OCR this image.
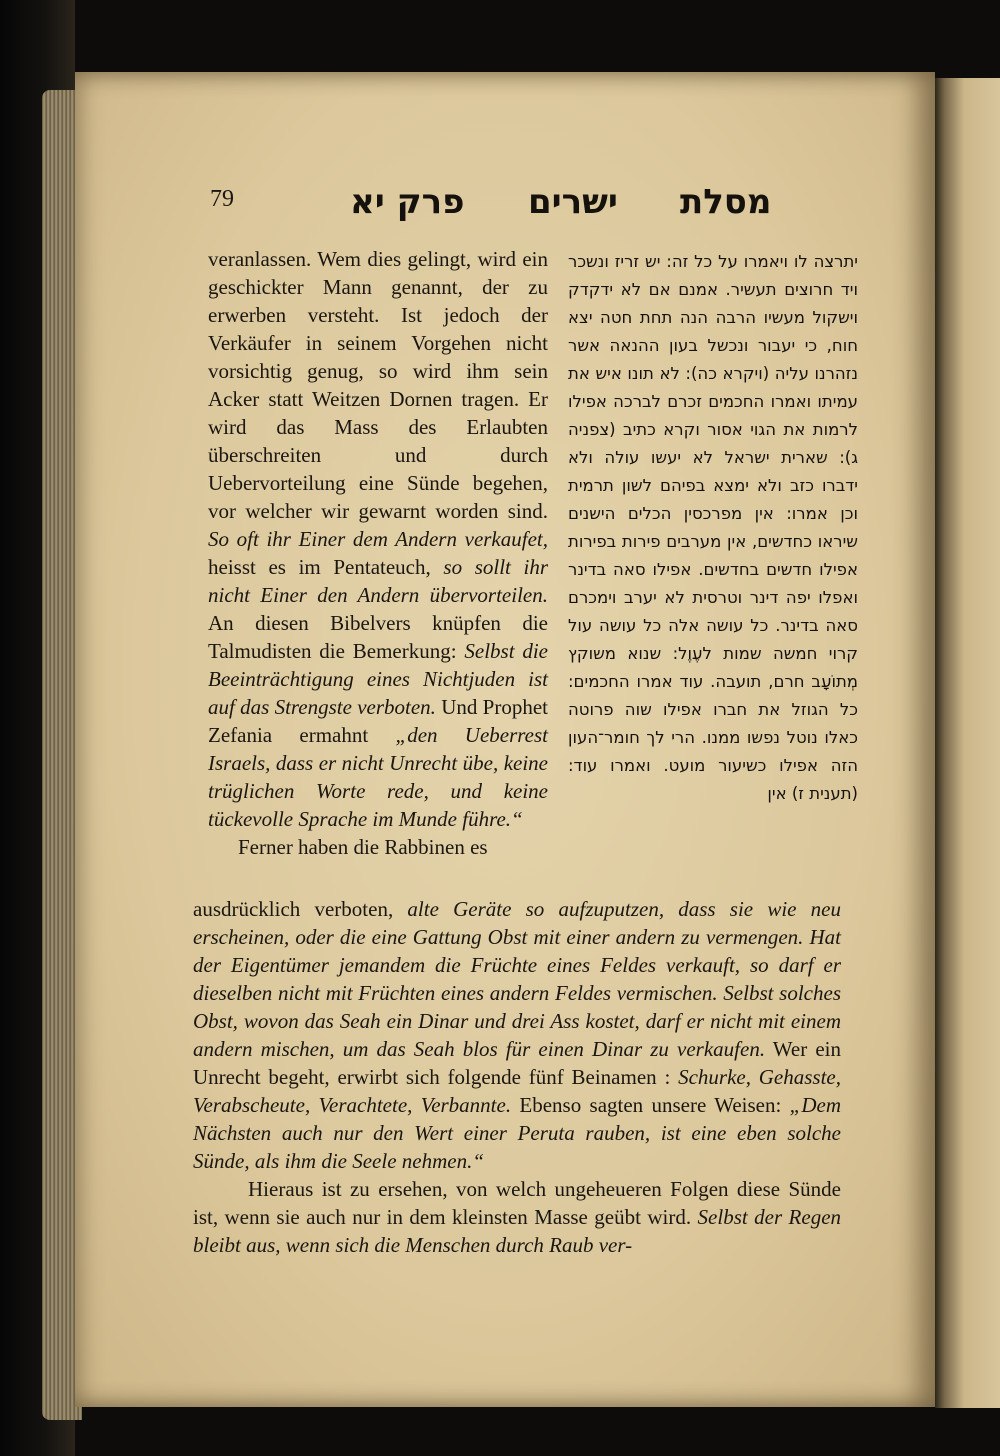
79	פרק יא ישרים מסלת

veranlassen. Wem dies gelingt, wird ein geschickter Mann genannt, der zu erwerben versteht. Ist jedoch der Verkäufer in seinem Vorgehen nicht vorsichtig genug, so wird ihm sein Acker statt Weitzen Dornen tragen. Er wird das Mass des Erlaubten überschreiten und durch Uebervorteilung eine Sünde begehen, vor welcher wir gewarnt worden sind. So oft ihr Einer dem Andern verkaufet, heisst es im Pentateuch, so sollt ihr nicht Einer den Andern übervorteilen. An diesen Bibelvers knüpfen die Talmudisten die Bemerkung: Selbst die Beeinträchtigung eines Nichtjuden ist auf das Strengste verboten. Und Prophet Zefania ermahnt „den Ueberrest Israels, dass er nicht Unrecht übe, keine trüglichen Worte rede, und keine tückevolle Sprache im Munde führe.“

Ferner haben die Rabbinen es

יתרצה לו ויאמרו על כל זה: יש זריז ונשכר ויד חרוצים תעשיר. אמנם אם לא ידקדק וישקול מעשיו הרבה הנה תחת חטה יצא חוח, כי יעבור ונכשל בעון ההנאה אשר נזהרנו עליה (ויקרא כה): לא תונו איש את עמיתו ואמרו החכמים זכרם לברכה אפילו לרמות את הגוי אסור וקרא כתיב (צפניה ג): שארית ישראל לא יעשו עולה ולא ידברו כזב ולא ימצא בפיהם לשון תרמית וכן אמרו: אין מפרכסין הכלים הישנים שיראו כחדשים, אין מערבים פירות בפירות אפילו חדשים בחדשים. אפילו סאה בדינר ואפלו יפה דינר וטרסית לא יערב וימכרם סאה בדינר. כל עושה אלה כל עושה עול קרוי חמשה שמות לעֶוֶל: שנוא משוקץ מְתוֹעָב חרם, תועבה. עוד אמרו החכמים: כל הגוזל את חברו אפילו שוה פרוטה כאלו נוטל נפשו ממנו. הרי לך חומר־העון הזה אפילו כשיעור מועט. ואמרו עוד: (תענית ז) אין

ausdrücklich verboten, alte Geräte so aufzuputzen, dass sie wie neu erscheinen, oder die eine Gattung Obst mit einer andern zu vermengen. Hat der Eigentümer jemandem die Früchte eines Feldes verkauft, so darf er dieselben nicht mit Früchten eines andern Feldes vermischen. Selbst solches Obst, wovon das Seah ein Dinar und drei Ass kostet, darf er nicht mit einem andern mischen, um das Seah blos für einen Dinar zu verkaufen. Wer ein Unrecht begeht, erwirbt sich folgende fünf Beinamen : Schurke, Gehasste, Verabscheute, Verachtete, Verbannte. Ebenso sagten unsere Weisen: „Dem Nächsten auch nur den Wert einer Peruta rauben, ist eine eben solche Sünde, als ihm die Seele nehmen.“

Hieraus ist zu ersehen, von welch ungeheueren Folgen diese Sünde ist, wenn sie auch nur in dem kleinsten Masse geübt wird. Selbst der Regen bleibt aus, wenn sich die Menschen durch Raub ver-
